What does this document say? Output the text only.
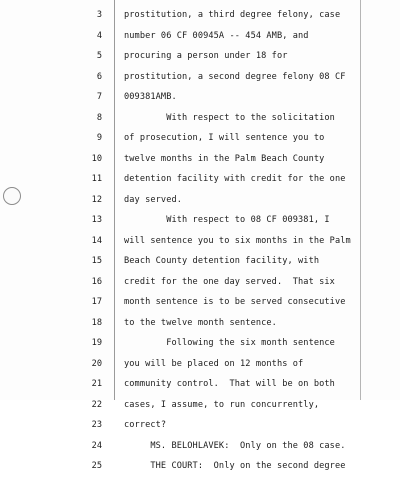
3	prostitution, a third degree felony, case
4	number 06 CF 00945A -- 454 AMB, and
5	procuring a person under 18 for
6	prostitution, a second degree felony 08 CF
7	009381AMB.
8	With respect to the solicitation
9	of prosecution, I will sentence you to
10	twelve months in the Palm Beach County
11	detention facility with credit for the one
12	day served.
13	With respect to 08 CF 009381, I
14	will sentence you to six months in the Palm
15	Beach County detention facility, with
16	credit for the one day served.  That six
17	month sentence is to be served consecutive
18	to the twelve month sentence.
19	Following the six month sentence
20	you will be placed on 12 months of
21	community control.  That will be on both
22	cases, I assume, to run concurrently,
23	correct?
24	MS. BELOHLAVEK:  Only on the 08 case.
25	THE COURT:  Only on the second degree
